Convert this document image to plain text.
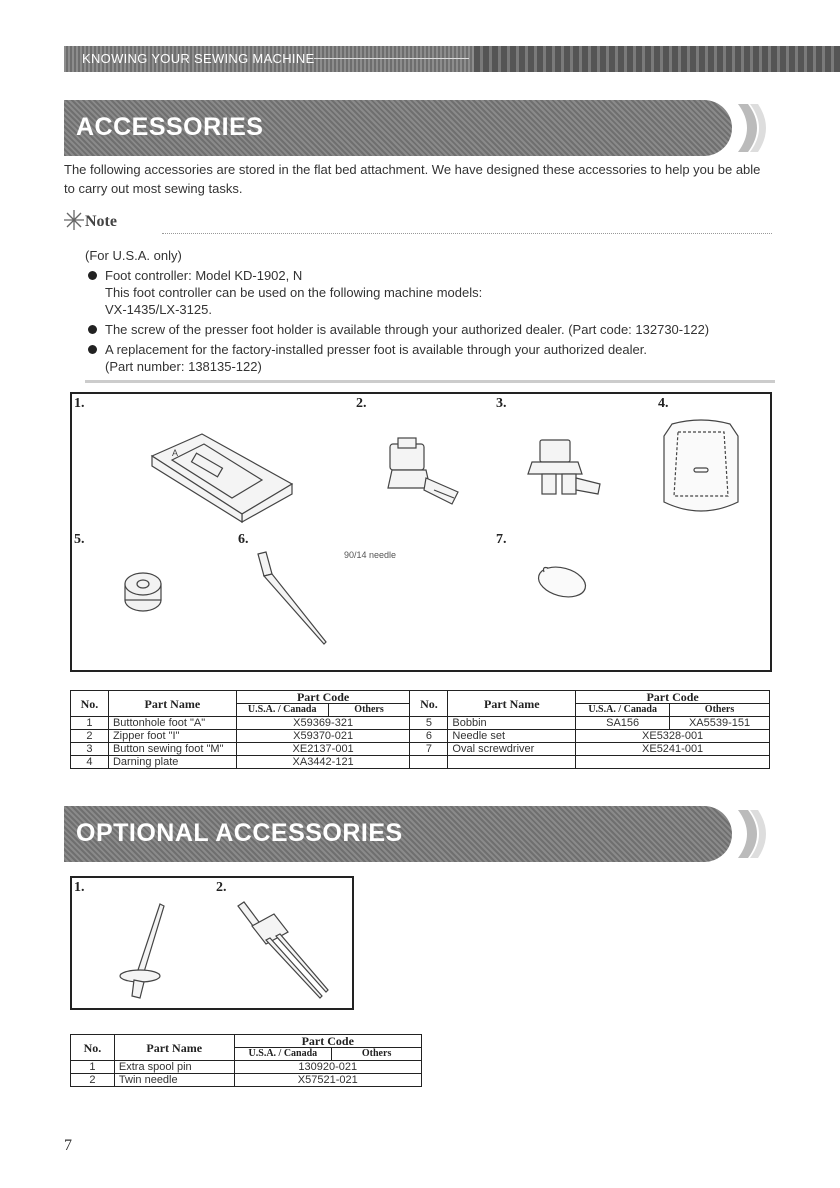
KNOWING YOUR SEWING MACHINE
ACCESSORIES

The following accessories are stored in the flat bed attachment. We have designed these accessories to help you be able to carry out most sewing tasks.

Note
(For U.S.A. only)
Foot controller: Model KD-1902, N
This foot controller can be used on the following machine models:
VX-1435/LX-3125.
The screw of the presser foot holder is available through your authorized dealer. (Part code: 132730-122)
A replacement for the factory-installed presser foot is available through your authorized dealer.
(Part number: 138135-122)
1.	2.	3.	4.
5.	6.	7.
90/14 needle
A
No.	Part Name	Part Code		No.	Part Name	Part Code	
		U.S.A. / Canada	Others			U.S.A. / Canada	Others
1	Buttonhole foot "A"	X59369-321		5	Bobbin	SA156	XA5539-151
2	Zipper foot "I"	X59370-021		6	Needle set	XE5328-001	
3	Button sewing foot "M"	XE2137-001		7	Oval screwdriver	XE5241-001	
4	Darning plate	XA3442-121					
OPTIONAL ACCESSORIES
1.	2.
No.	Part Name	Part Code	
		U.S.A. / Canada	Others
1	Extra spool pin	130920-021	
2	Twin needle	X57521-021	
7
